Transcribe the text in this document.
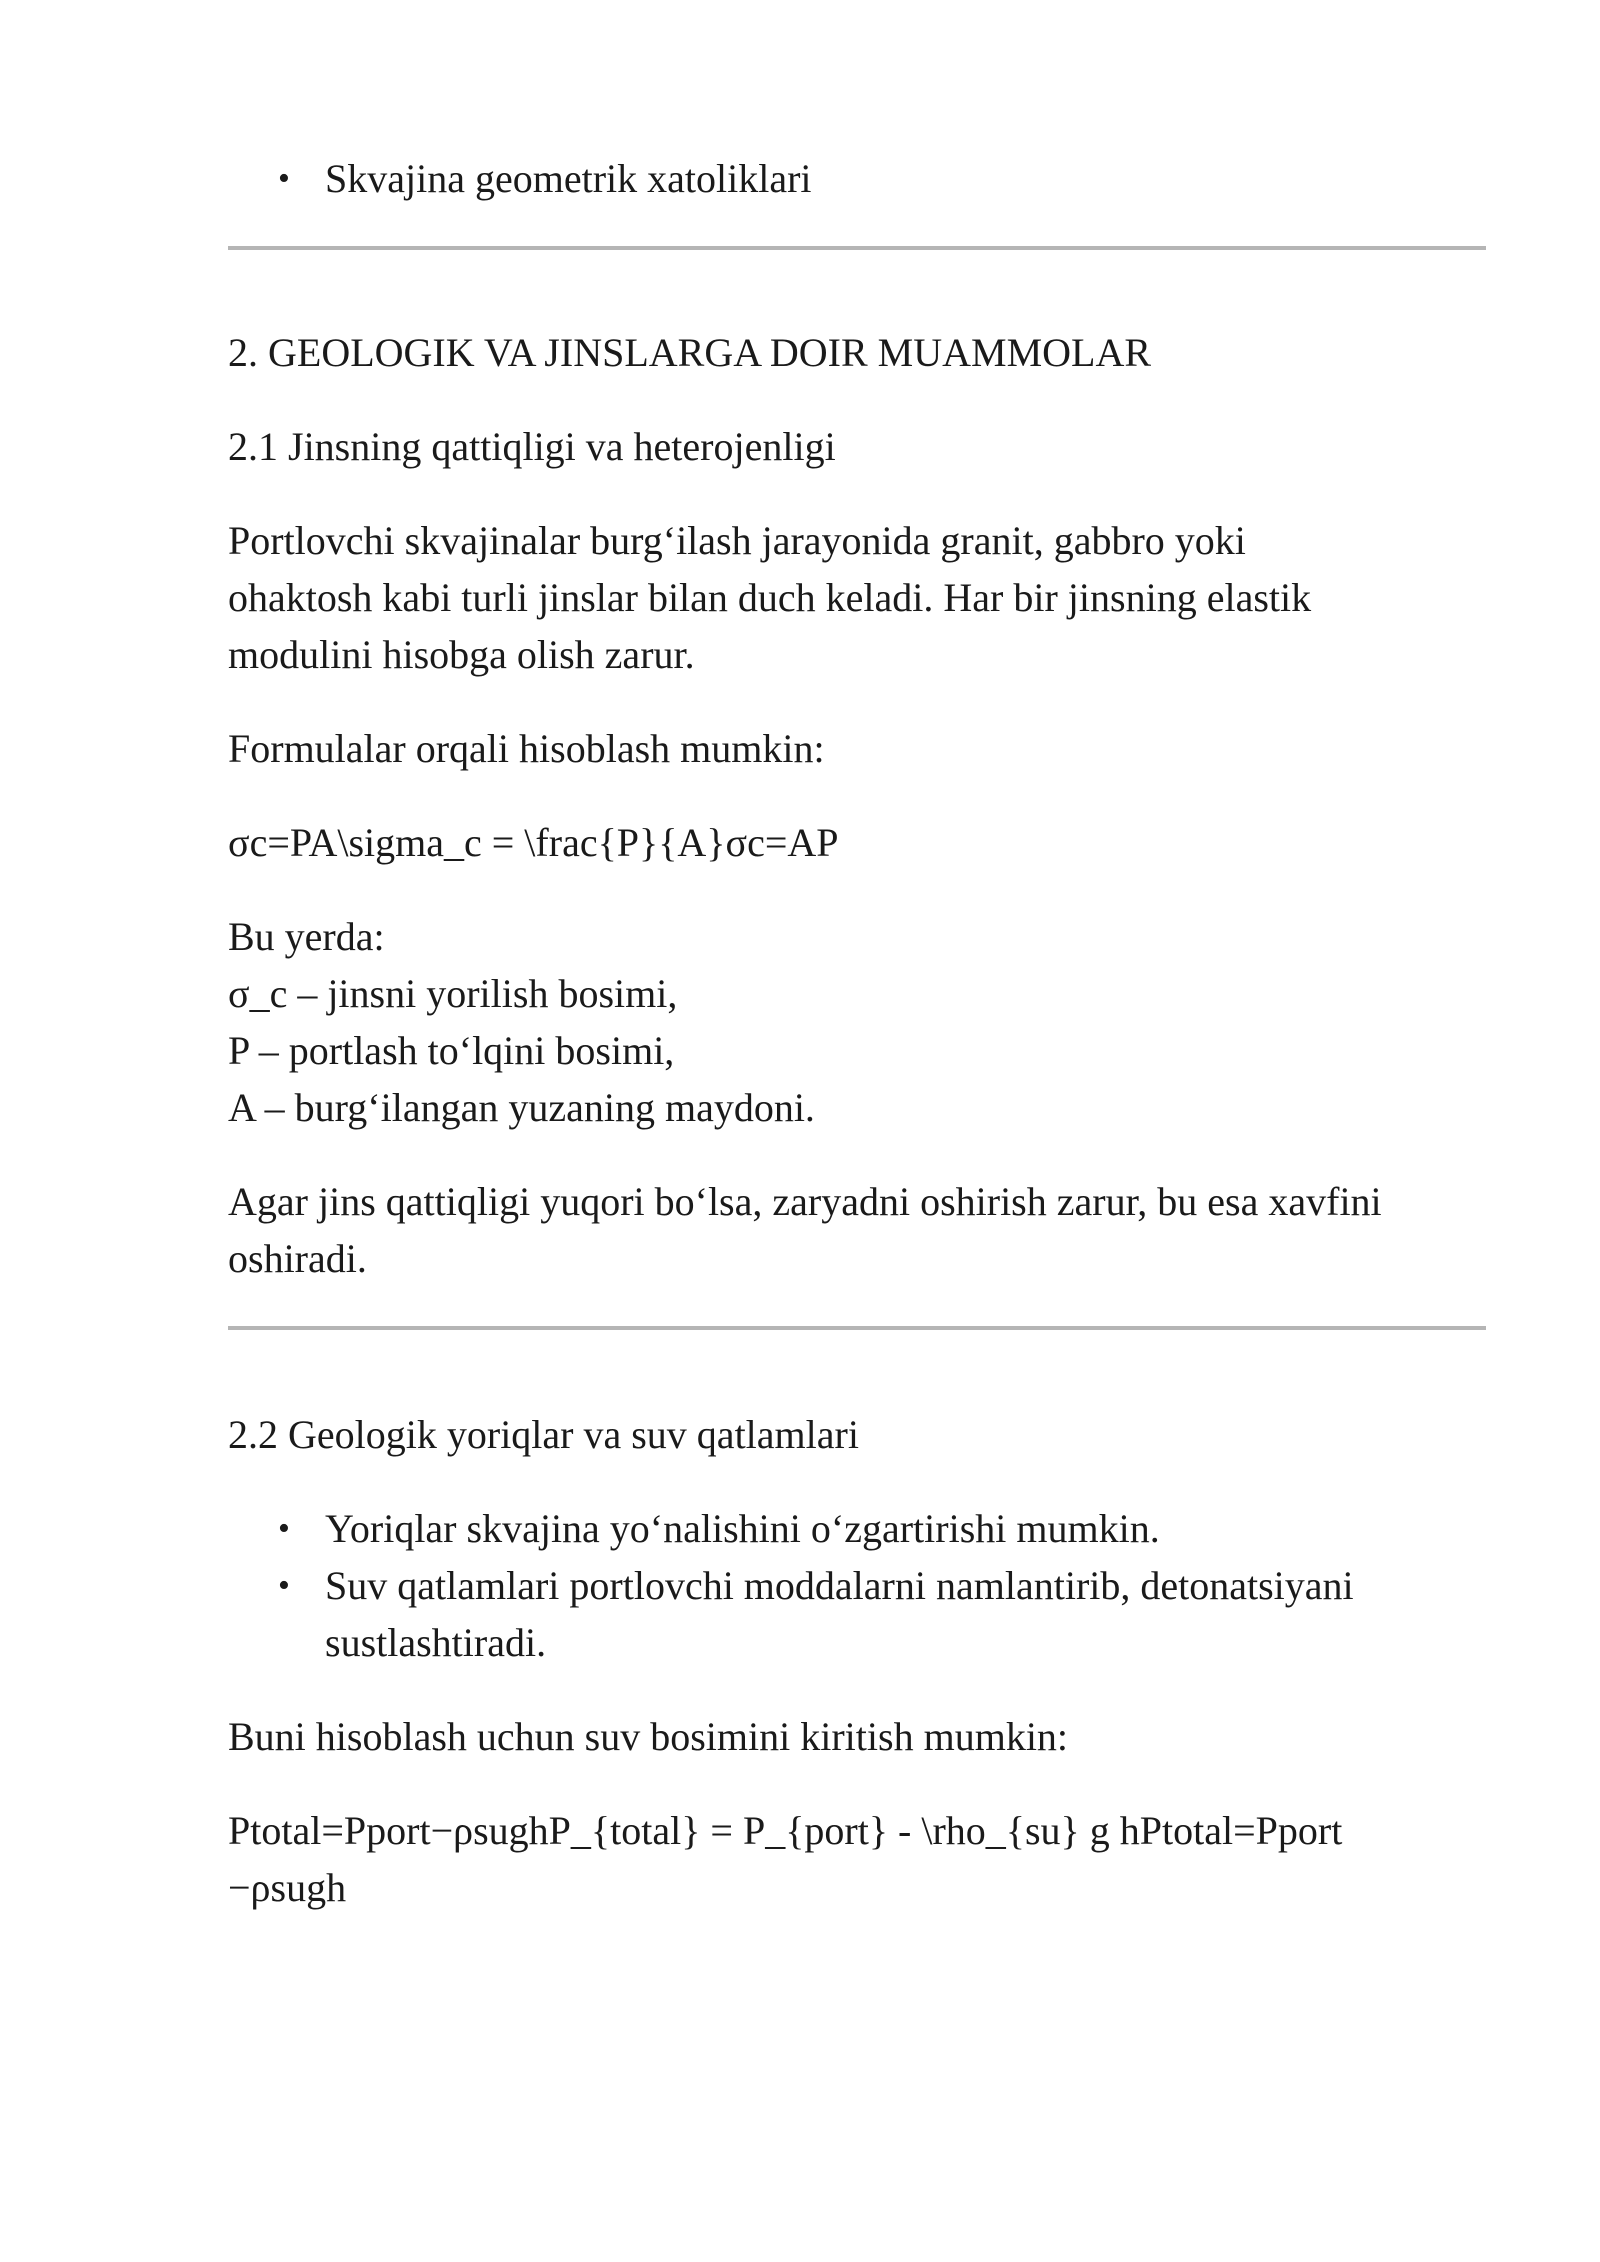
• Skvajina geometrik xatoliklari
2. GEOLOGIK VA JINSLARGA DOIR MUAMMOLAR
2.1 Jinsning qattiqligi va heterojenligi
Portlovchi skvajinalar burg‘ilash jarayonida granit, gabbro yoki
ohaktosh kabi turli jinslar bilan duch keladi. Har bir jinsning elastik
modulini hisobga olish zarur.
Formulalar orqali hisoblash mumkin:
σc=PA\sigma_c = \frac{P}{A}σc=AP
Bu yerda:
σ_c – jinsni yorilish bosimi,
P – portlash to‘lqini bosimi,
A – burg‘ilangan yuzaning maydoni.
Agar jins qattiqligi yuqori bo‘lsa, zaryadni oshirish zarur, bu esa xavfini
oshiradi.
2.2 Geologik yoriqlar va suv qatlamlari
• Yoriqlar skvajina yo‘nalishini o‘zgartirishi mumkin.
• Suv qatlamlari portlovchi moddalarni namlantirib, detonatsiyani
sustlashtiradi.
Buni hisoblash uchun suv bosimini kiritish mumkin:
Ptotal=Pport−ρsughP_{total} = P_{port} - \rho_{su} g hPtotal=Pport
−ρsugh
